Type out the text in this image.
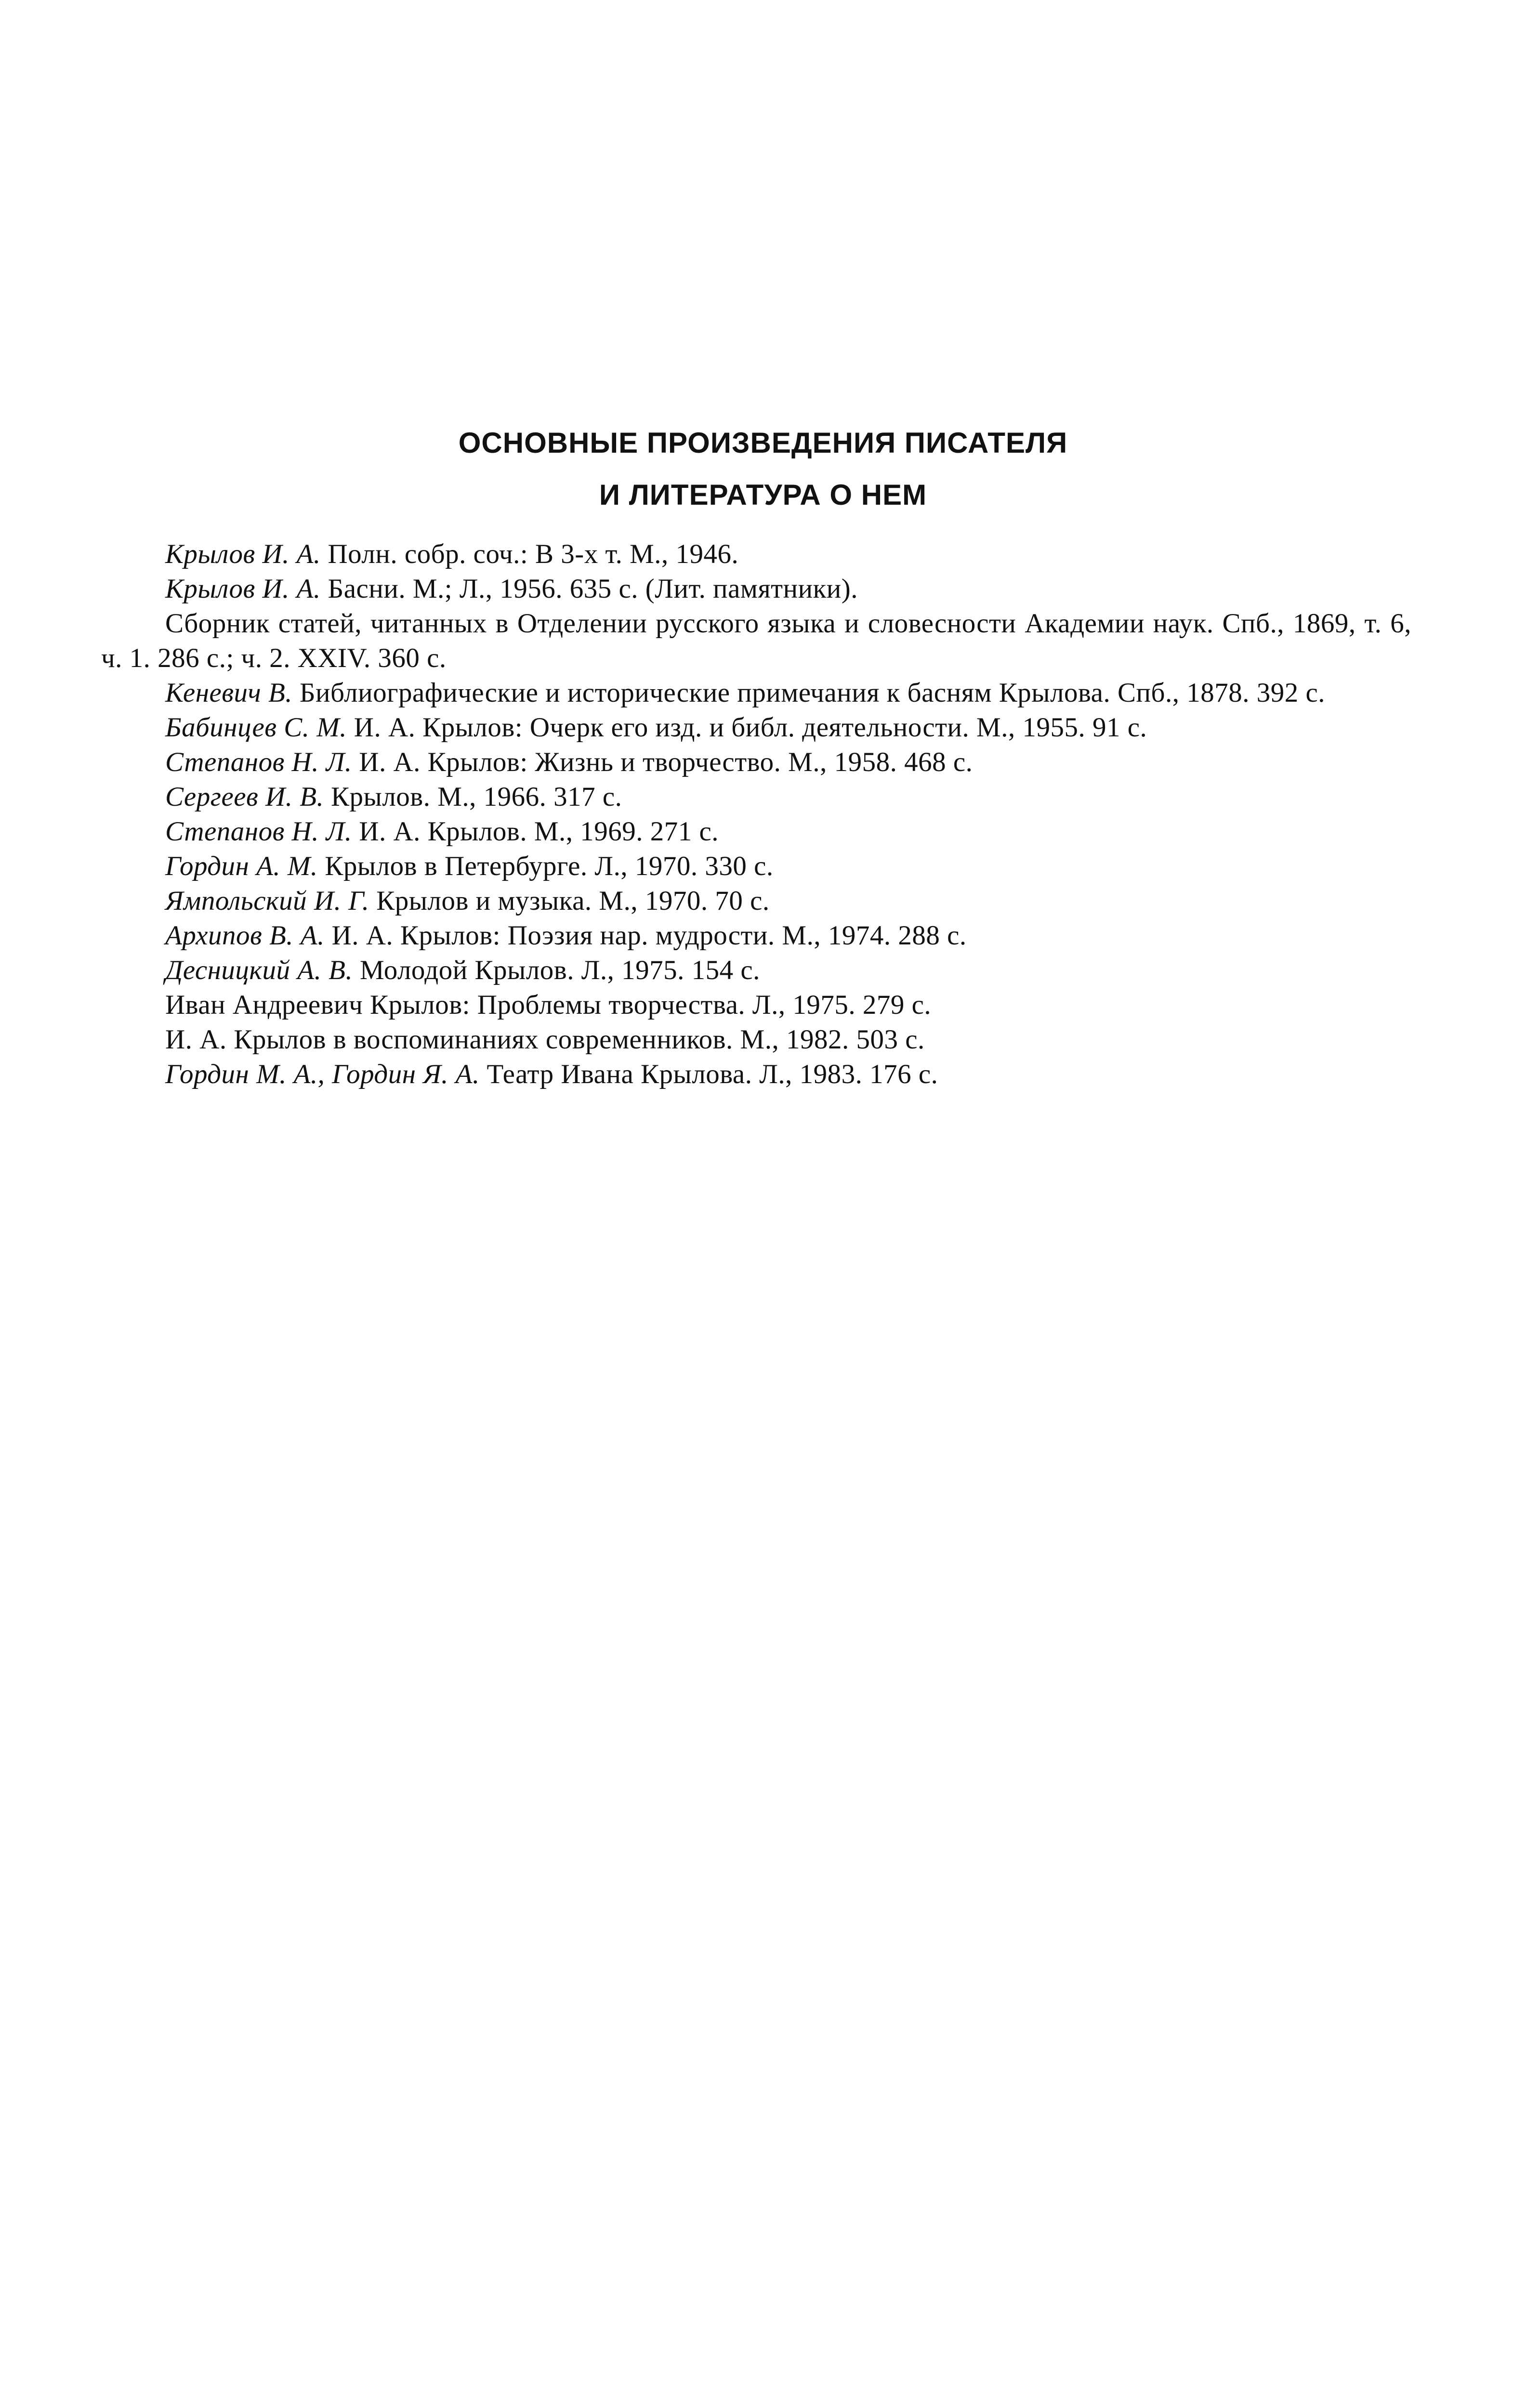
ОСНОВНЫЕ ПРОИЗВЕДЕНИЯ ПИСАТЕЛЯ
И ЛИТЕРАТУРА О НЕМ
Крылов И. А. Полн. собр. соч.: В 3-х т. М., 1946.
Крылов И. А. Басни. М.; Л., 1956. 635 с. (Лит. памятники).
Сборник статей, читанных в Отделении русского языка и словесности Академии наук. Спб., 1869, т. 6, ч. 1. 286 с.; ч. 2. XXIV. 360 с.
Кеневич В. Библиографические и исторические примечания к басням Крылова. Спб., 1878. 392 с.
Бабинцев С. М. И. А. Крылов: Очерк его изд. и библ. деятельности. М., 1955. 91 с.
Степанов Н. Л. И. А. Крылов: Жизнь и творчество. М., 1958. 468 с.
Сергеев И. В. Крылов. М., 1966. 317 с.
Степанов Н. Л. И. А. Крылов. М., 1969. 271 с.
Гордин А. М. Крылов в Петербурге. Л., 1970. 330 с.
Ямпольский И. Г. Крылов и музыка. М., 1970. 70 с.
Архипов В. А. И. А. Крылов: Поэзия нар. мудрости. М., 1974. 288 с.
Десницкий А. В. Молодой Крылов. Л., 1975. 154 с.
Иван Андреевич Крылов: Проблемы творчества. Л., 1975. 279 с.
И. А. Крылов в воспоминаниях современников. М., 1982. 503 с.
Гордин М. А., Гордин Я. А. Театр Ивана Крылова. Л., 1983. 176 с.
